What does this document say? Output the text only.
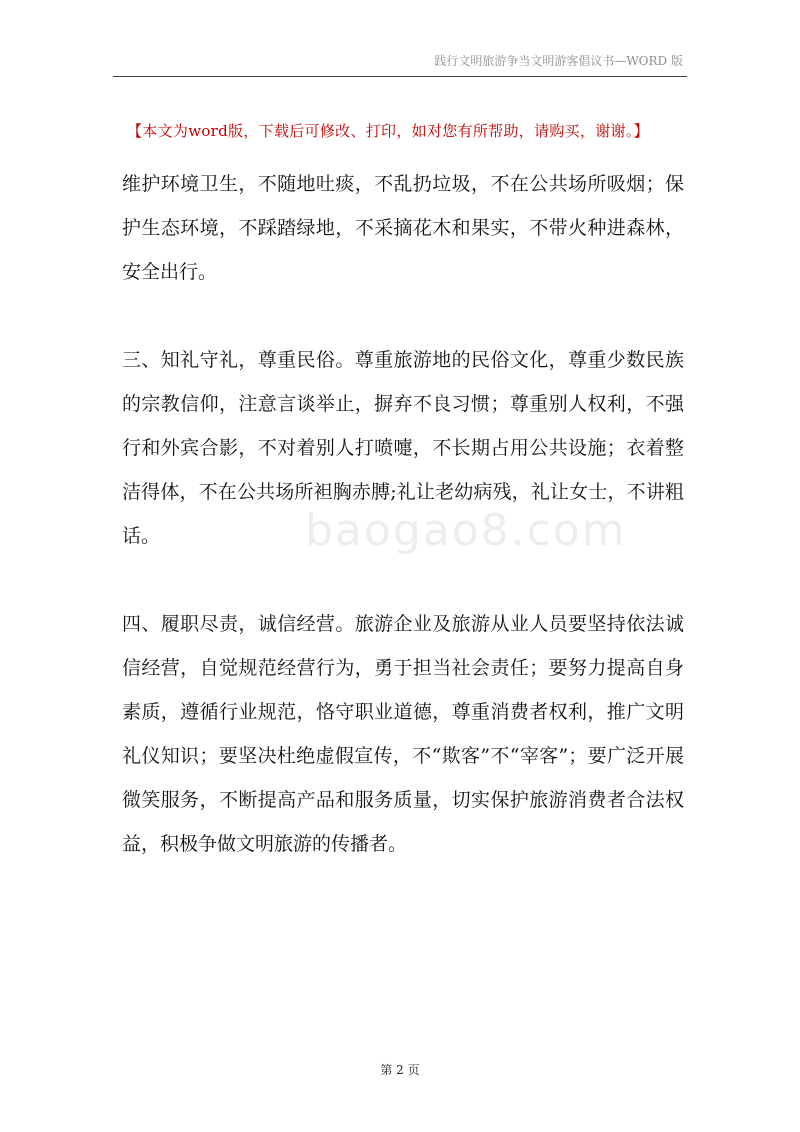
践行文明旅游争当文明游客倡议书—WORD 版
【本文为word版，下载后可修改、打印，如对您有所帮助，请购买，谢谢。】
baogao8.com

维护环境卫生，不随地吐痰，不乱扔垃圾，不在公共场所吸烟；保护生态环境，不踩踏绿地，不采摘花木和果实，不带火种进森林，安全出行。

三、知礼守礼，尊重民俗。尊重旅游地的民俗文化，尊重少数民族的宗教信仰，注意言谈举止，摒弃不良习惯；尊重别人权利，不强行和外宾合影，不对着别人打喷嚏，不长期占用公共设施；衣着整洁得体，不在公共场所袒胸赤膊;礼让老幼病残，礼让女士，不讲粗话。

四、履职尽责，诚信经营。旅游企业及旅游从业人员要坚持依法诚信经营，自觉规范经营行为，勇于担当社会责任；要努力提高自身素质，遵循行业规范，恪守职业道德，尊重消费者权利，推广文明礼仪知识；要坚决杜绝虚假宣传，不“欺客”不“宰客”；要广泛开展微笑服务，不断提高产品和服务质量，切实保护旅游消费者合法权益，积极争做文明旅游的传播者。

第 2 页
